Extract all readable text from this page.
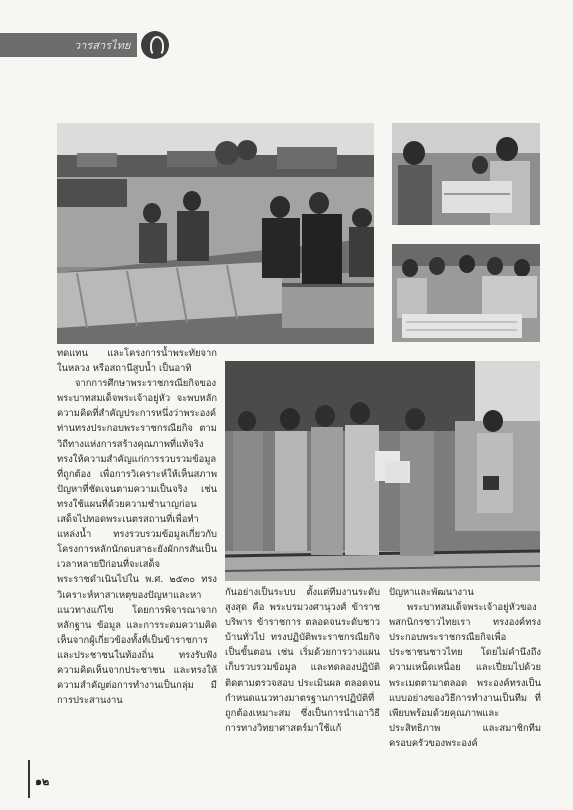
วารสารไทย

ทดแทน และโครงการน้ำพระทัยจากในหลวง หรือสถานีสูบน้ำ เป็นอาทิ

จากการศึกษาพระราชกรณียกิจของพระบาทสมเด็จพระเจ้าอยู่หัว จะพบหลักความคิดที่สำคัญประการหนึ่งว่าพระองค์ท่านทรงประกอบพระราชกรณียกิจ ตามวิถีทางแห่งการสร้างคุณภาพที่แท้จริง ทรงให้ความสำคัญแก่การรวบรวมข้อมูลที่ถูกต้อง เพื่อการวิเคราะห์ให้เห็นสภาพปัญหาที่ชัดเจนตามความเป็นจริง เช่น ทรงใช้แผนที่ด้วยความชำนาญก่อนเสด็จไปทอดพระเนตรสถานที่เพื่อทำแหล่งน้ำ ทรงรวบรวมข้อมูลเกี่ยวกับโครงการหลักนักดบสาธะยังผักกรสันเป็นเวลาหลายปีก่อนที่จะเสด็จพระราชดำเนินไปใน พ.ศ. ๒๕๓๐ ทรงวิเคราะห์หาสาเหตุของปัญหาและหาแนวทางแก้ไข โดยการพิจารณาจากหลักฐาน ข้อมูล และการระดมความคิดเห็นจากผู้เกี่ยวข้องทั้งที่เป็นข้าราชการและประชาชนในท้องถิ่น ทรงรับฟังความคิดเห็นจากประชาชน และทรงให้ความสำคัญต่อการทำงานเป็นกลุ่ม มีการประสานงาน

กันอย่างเป็นระบบ ตั้งแต่ทีมงานระดับสูงสุด คือ พระบรมวงศานุวงศ์ ข้าราชบริพาร ข้าราชการ ตลอดจนระดับชาวบ้านทั่วไป ทรงปฏิบัติพระราชกรณียกิจเป็นขั้นตอน เช่น เริ่มด้วยการวางแผนเก็บรวบรวมข้อมูล และทดลองปฏิบัติติดตามตรวจสอบ ประเมินผล ตลอดจนกำหนดแนวทางมาตรฐานการปฏิบัติที่ถูกต้องเหมาะสม ซึ่งเป็นการนำเอาวิธีการทางวิทยาศาสตร์มาใช้แก้

ปัญหาและพัฒนางาน

พระบาทสมเด็จพระเจ้าอยู่หัวของพสกนิกรชาวไทยเรา ทรงองค์ทรงประกอบพระราชกรณียกิจเพื่อประชาชนชาวไทย โดยไม่คำนึงถึงความเหน็ดเหนื่อย และเปี่ยมไปด้วยพระเมตตามาตลอด พระองค์ทรงเป็นแบบอย่างของวิธีการทำงานเป็นทีม ที่เพียบพร้อมด้วยคุณภาพและประสิทธิภาพ และสมาชิกทีมครอบครัวของพระองค์

๑๒
